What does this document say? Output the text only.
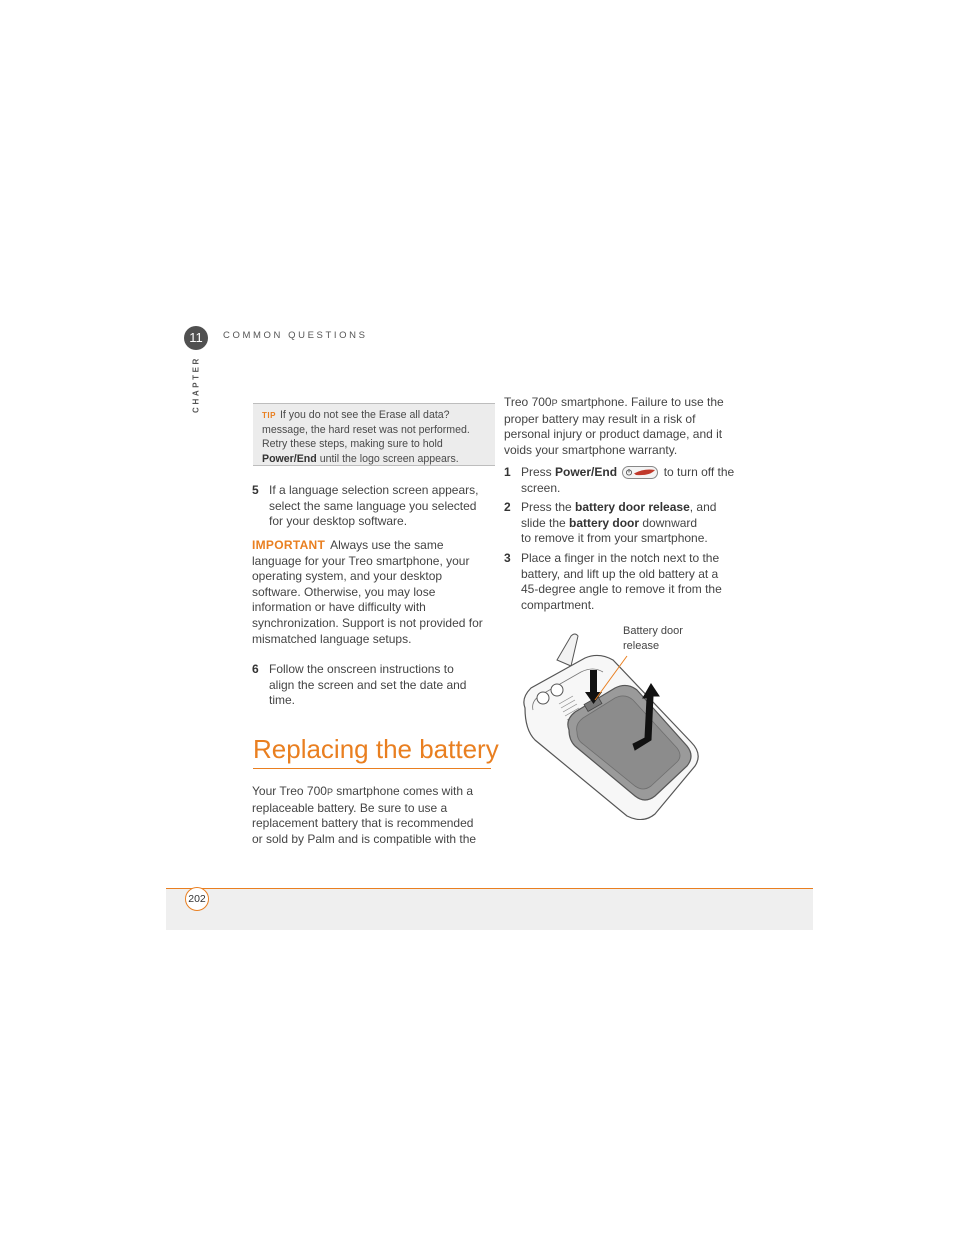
11	COMMON QUESTIONS
CHAPTER
TIP If you do not see the Erase all data?
message, the hard reset was not performed.
Retry these steps, making sure to hold
Power/End until the logo screen appears.
5 If a language selection screen appears,
select the same language you selected
for your desktop software.
IMPORTANT Always use the same
language for your Treo smartphone, your
operating system, and your desktop
software. Otherwise, you may lose
information or have difficulty with
synchronization. Support is not provided for
mismatched language setups.
6 Follow the onscreen instructions to
align the screen and set the date and
time.
Replacing the battery
Your Treo 700P smartphone comes with a
replaceable battery. Be sure to use a
replacement battery that is recommended
or sold by Palm and is compatible with the
Treo 700P smartphone. Failure to use the
proper battery may result in a risk of
personal injury or product damage, and it
voids your smartphone warranty.
1 Press Power/End	to turn off the
screen.
2 Press the battery door release, and
slide the battery door downward
to remove it from your smartphone.
3 Place a finger in the notch next to the
battery, and lift up the old battery at a
45-degree angle to remove it from the
compartment.
Battery door
release
202
